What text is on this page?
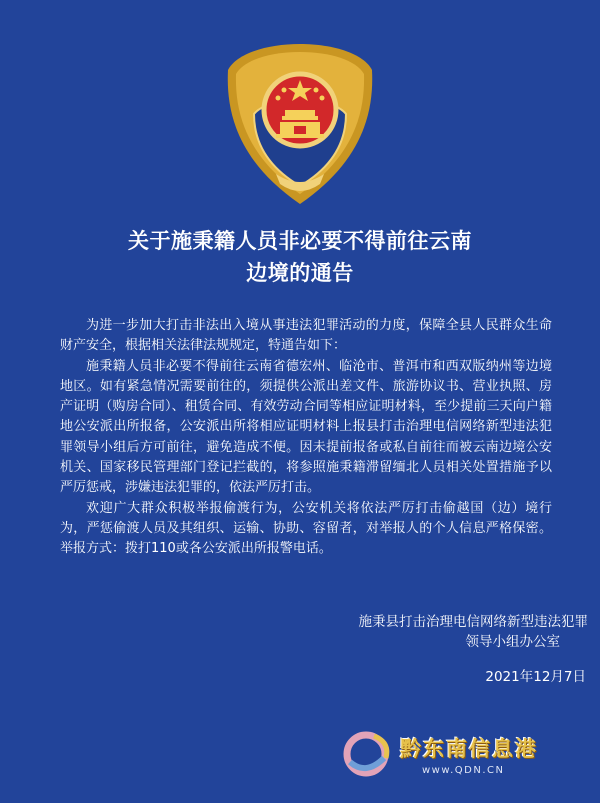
关于施秉籍人员非必要不得前往云南
边境的通告

为进一步加大打击非法出入境从事违法犯罪活动的力度，保障全县人民群众生命财产安全，根据相关法律法规规定，特通告如下：

施秉籍人员非必要不得前往云南省德宏州、临沧市、普洱市和西双版纳州等边境地区。如有紧急情况需要前往的，须提供公派出差文件、旅游协议书、营业执照、房产证明（购房合同）、租赁合同、有效劳动合同等相应证明材料，至少提前三天向户籍地公安派出所报备，公安派出所将相应证明材料上报县打击治理电信网络新型违法犯罪领导小组后方可前往，避免造成不便。因未提前报备或私自前往而被云南边境公安机关、国家移民管理部门登记拦截的，将参照施秉籍滞留缅北人员相关处置措施予以严厉惩戒，涉嫌违法犯罪的，依法严厉打击。

欢迎广大群众积极举报偷渡行为，公安机关将依法严厉打击偷越国（边）境行为，严惩偷渡人员及其组织、运输、协助、容留者，对举报人的个人信息严格保密。举报方式：拨打110或各公安派出所报警电话。

施秉县打击治理电信网络新型违法犯罪
领导小组办公室
2021年12月7日
黔东南信息港
www.QDN.CN
